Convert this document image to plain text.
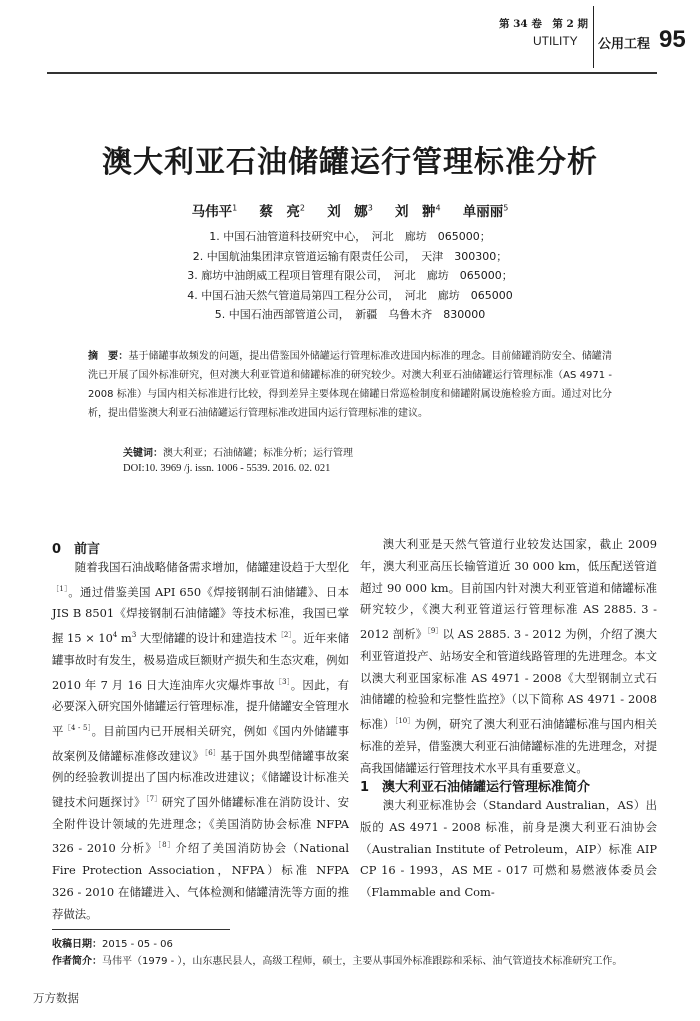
第 34 卷　第 2 期
UTILITY 公用工程 95
澳大利亚石油储罐运行管理标准分析
马伟平$^1$　 蔡　亮$^2$　 刘　娜$^3$　 刘　翀$^4$　 单丽丽$^5$
1. 中国石油管道科技研究中心，　河北　廊坊　065000；
2. 中国航油集团津京管道运输有限责任公司，　天津　300300；
3. 廊坊中油朗威工程项目管理有限公司，　河北　廊坊　065000；
4. 中国石油天然气管道局第四工程分公司，　河北　廊坊　065000
5. 中国石油西部管道公司，　新疆　乌鲁木齐　830000
摘　要：基于储罐事故频发的问题，提出借鉴国外储罐运行管理标准改进国内标准的理念。目前储罐消防安全、储罐清洗已开展了国外标准研究，但对澳大利亚管道和储罐标准的研究较少。对澳大利亚石油储罐运行管理标准（AS 4971 - 2008 标准）与国内相关标准进行比较，得到差异主要体现在储罐日常巡检制度和储罐附属设施检验方面。通过对比分析，提出借鉴澳大利亚石油储罐运行管理标准改进国内运行管理标准的建议。
关键词：澳大利亚；石油储罐；标准分析；运行管理
DOI:10. 3969 /j. issn. 1006 - 5539. 2016. 02. 021
0 前言
随着我国石油战略储备需求增加，储罐建设趋于大型化$^{[1]}$。通过借鉴美国 API 650《焊接钢制石油储罐》、日本 JIS B 8501《焊接钢制石油储罐》等技术标准，我国已掌握 $15 \times 10^4$ $m^3$ 大型储罐的设计和建造技术$^{[2]}$。近年来储罐事故时有发生，极易造成巨额财产损失和生态灾难，例如 2010 年 7 月 16 日大连油库火灾爆炸事故$^{[3]}$。因此，有必要深入研究国外储罐运行管理标准，提升储罐安全管理水平$^{[4 - 5]}$。目前国内已开展相关研究，例如《国内外储罐事故案例及储罐标准修改建议》$^{[6]}$基于国外典型储罐事故案例的经验教训提出了国内标准改进建议；《储罐设计标准关键技术问题探讨》$^{[7]}$研究了国外储罐标准在消防设计、安全附件设计领域的先进理念；《美国消防协会标准 NFPA 326 - 2010 分析》$^{[8]}$介绍了美国消防协会（National Fire Protection Association，NFPA）标准 NFPA 326 - 2010 在储罐进入、气体检测和储罐清洗等方面的推荐做法。
澳大利亚是天然气管道行业较发达国家，截止 2009 年，澳大利亚高压长输管道近 30 000 km，低压配送管道超过 90 000 km。目前国内针对澳大利亚管道和储罐标准研究较少，《澳大利亚管道运行管理标准 AS 2885. 3 - 2012 剖析》$^{[9]}$以 AS 2885. 3 - 2012 为例，介绍了澳大利亚管道投产、站场安全和管道线路管理的先进理念。本文以澳大利亚国家标准 AS 4971 - 2008《大型钢制立式石油储罐的检验和完整性监控》（以下简称 AS 4971 - 2008 标准）$^{[10]}$为例，研究了澳大利亚石油储罐标准与国内相关标准的差异，借鉴澳大利亚石油储罐标准的先进理念，对提高我国储罐运行管理技术水平具有重要意义。
1 澳大利亚石油储罐运行管理标准简介
澳大利亚标准协会（Standard Australian，AS）出版的 AS 4971 - 2008 标准，前身是澳大利亚石油协会（Australian Institute of Petroleum，AIP）标准 AIP CP 16 - 1993，AS ME - 017 可燃和易燃液体委员会（Flammable and Com-
收稿日期：2015 - 05 - 06
作者简介：马伟平（1979 - ），山东惠民县人，高级工程师，硕士，主要从事国外标准跟踪和采标、油气管道技术标准研究工作。
万方数据
